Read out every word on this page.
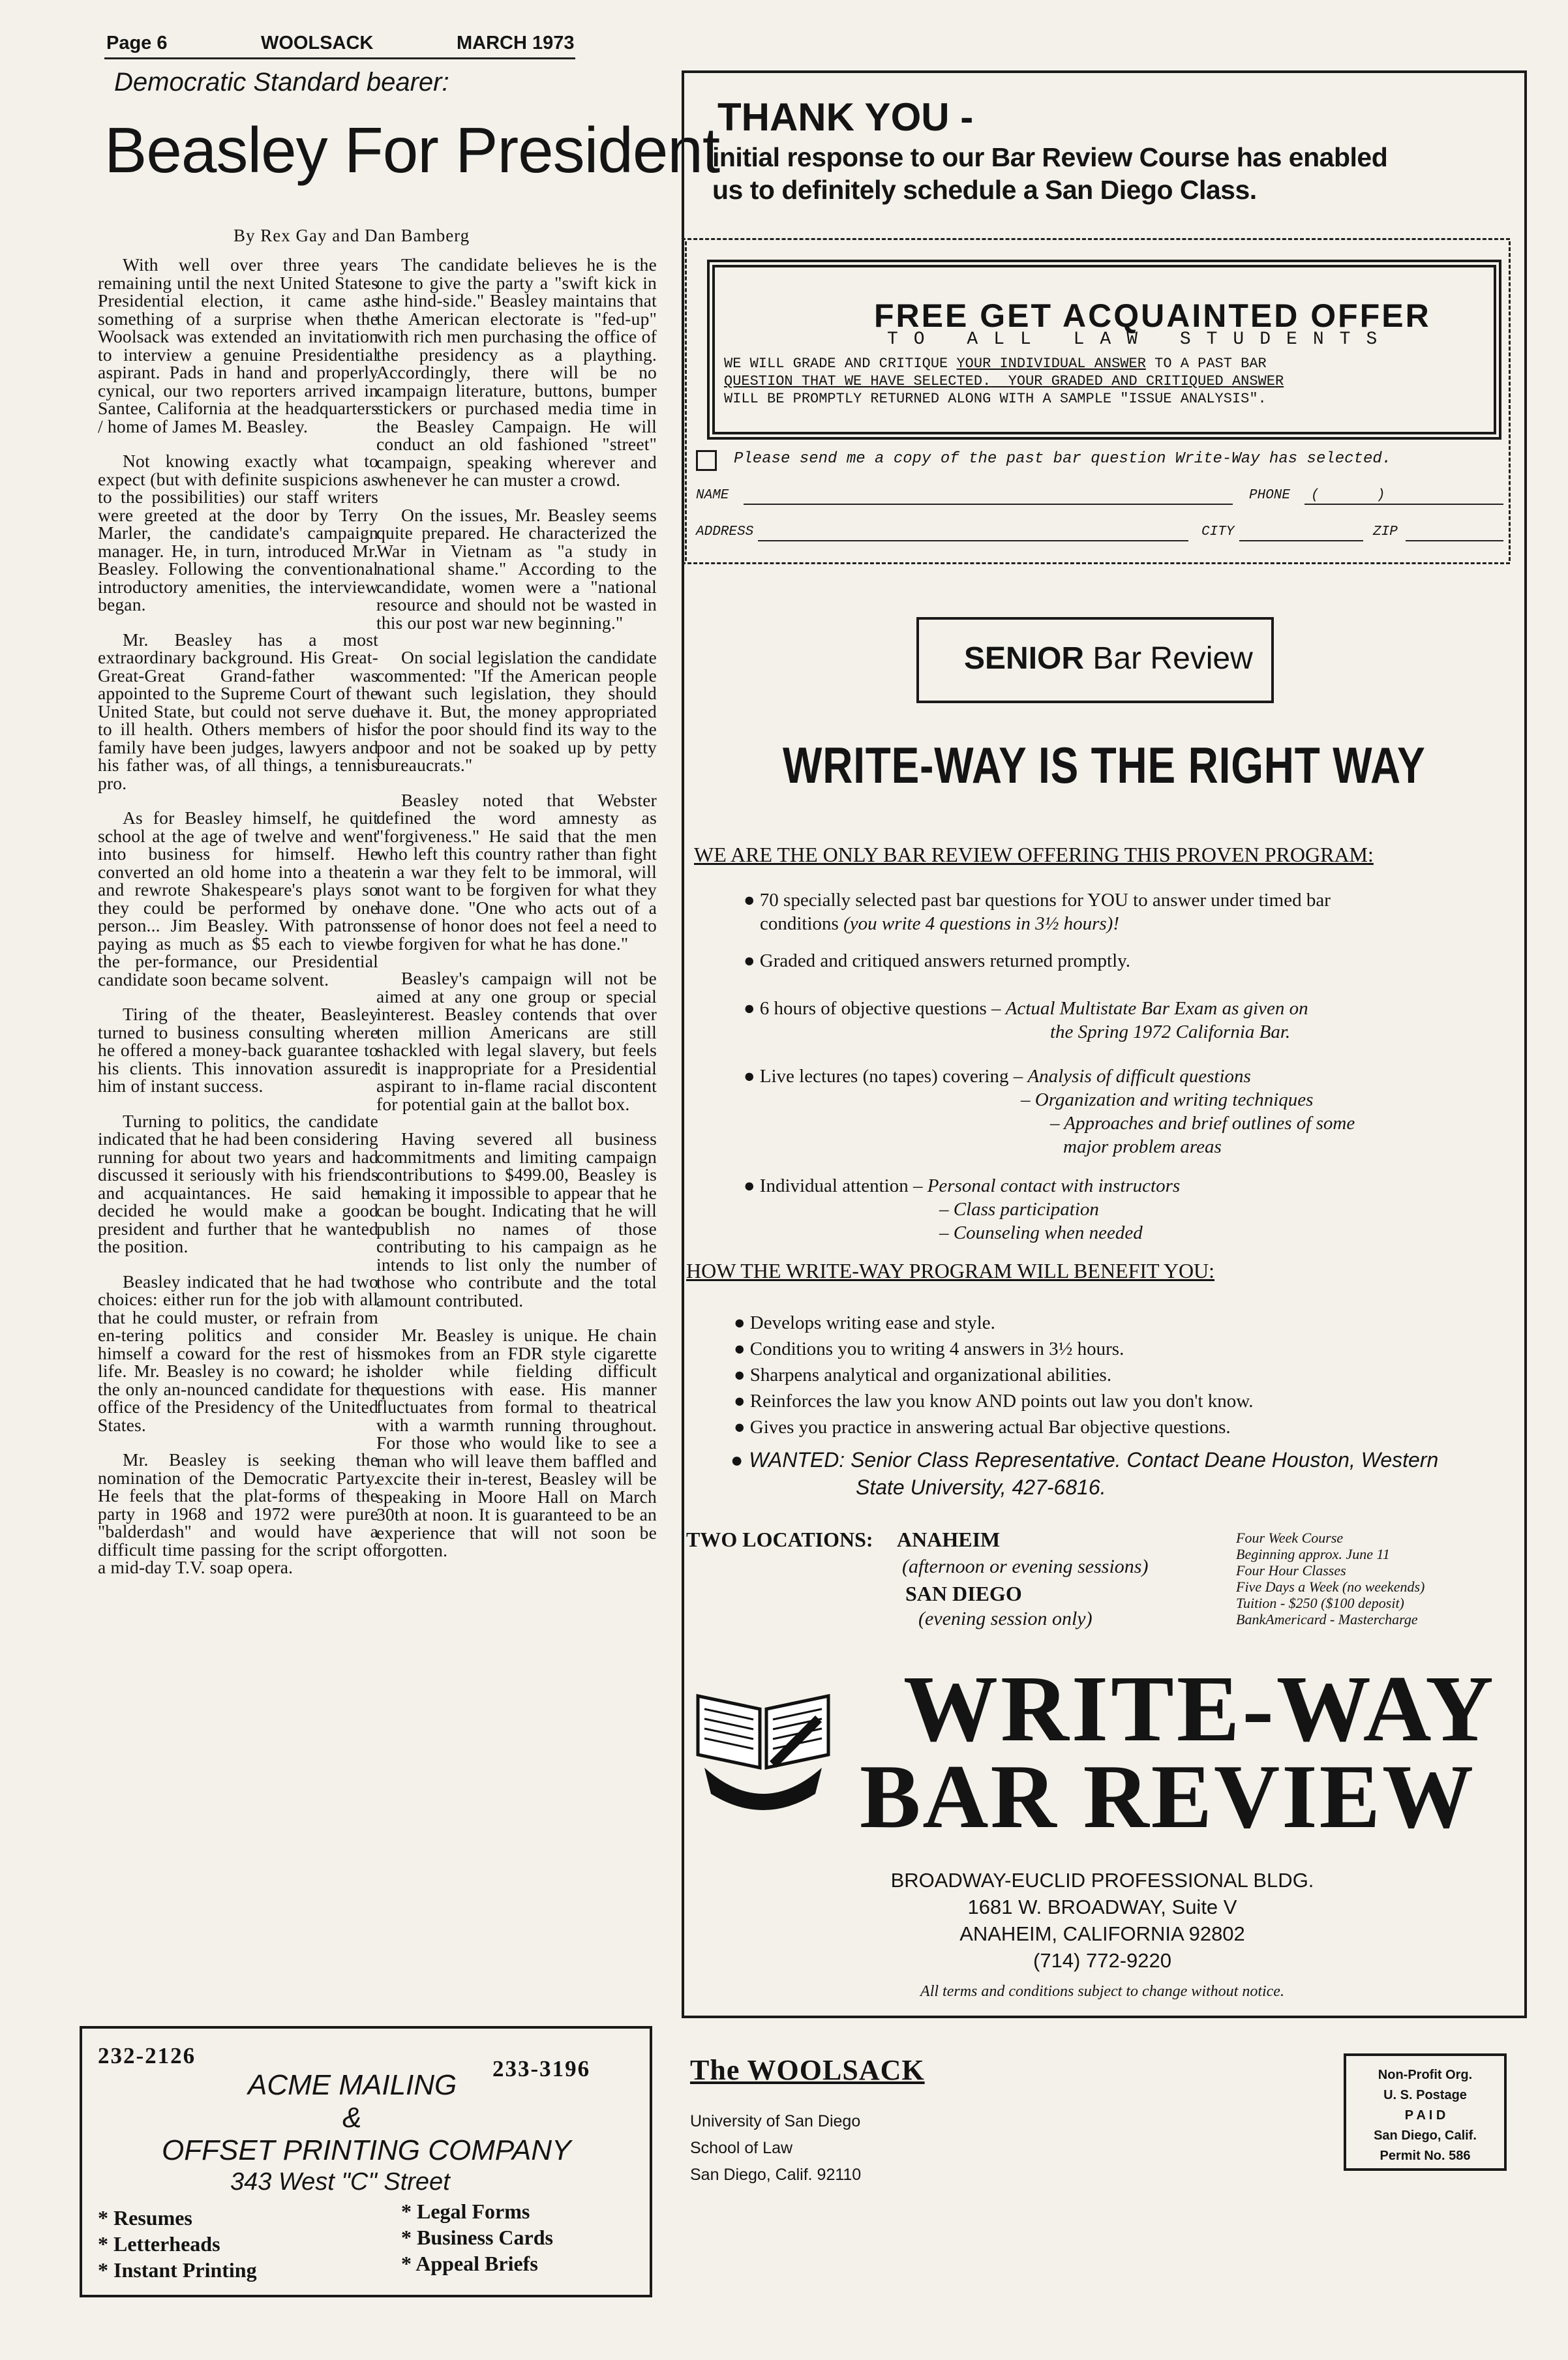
Page 6	WOOLSACK	MARCH 1973
Democratic Standard bearer:
Beasley For President
By Rex Gay and Dan Bamberg

With well over three years remaining until the next United States Presidential election, it came as something of a surprise when the Woolsack was extended an invitation to interview a genuine Presidential aspirant. Pads in hand and properly cynical, our two reporters arrived in Santee, California at the headquarters / home of James M. Beasley.

Not knowing exactly what to expect (but with definite suspicions as to the possibilities) our staff writers were greeted at the door by Terry Marler, the candidate's campaign manager. He, in turn, introduced Mr. Beasley. Following the conventional introductory amenities, the interview began.

Mr. Beasley has a most extraordinary background. His Great-Great-Great Grand-father was appointed to the Supreme Court of the United State, but could not serve due to ill health. Others members of his family have been judges, lawyers and his father was, of all things, a tennis pro.

As for Beasley himself, he quit school at the age of twelve and went into business for himself. He converted an old home into a theater and rewrote Shakespeare's plays so they could be performed by one person... Jim Beasley. With patrons paying as much as $5 each to view the per-formance, our Presidential candidate soon became solvent.

Tiring of the theater, Beasley turned to business consulting where he offered a money-back guarantee to his clients. This innovation assured him of instant success.

Turning to politics, the candidate indicated that he had been considering running for about two years and had discussed it seriously with his friends and acquaintances. He said he decided he would make a good president and further that he wanted the position.

Beasley indicated that he had two choices: either run for the job with all that he could muster, or refrain from en-tering politics and consider himself a coward for the rest of his life. Mr. Beasley is no coward; he is the only an-nounced candidate for the office of the Presidency of the United States.

Mr. Beasley is seeking the nomination of the Democratic Party. He feels that the plat-forms of the party in 1968 and 1972 were pure "balderdash" and would have a difficult time passing for the script of a mid-day T.V. soap opera.

The candidate believes he is the one to give the party a "swift kick in the hind-side." Beasley maintains that the American electorate is "fed-up" with rich men purchasing the office of the presidency as a plaything. Accordingly, there will be no campaign literature, buttons, bumper stickers or purchased media time in the Beasley Campaign. He will conduct an old fashioned "street" campaign, speaking wherever and whenever he can muster a crowd.

On the issues, Mr. Beasley seems quite prepared. He characterized the War in Vietnam as "a study in national shame." According to the candidate, women were a "national resource and should not be wasted in this our post war new beginning."

On social legislation the candidate commented: "If the American people want such legislation, they should have it. But, the money appropriated for the poor should find its way to the poor and not be soaked up by petty bureaucrats."

Beasley noted that Webster defined the word amnesty as "forgiveness." He said that the men who left this country rather than fight in a war they felt to be immoral, will not want to be forgiven for what they have done. "One who acts out of a sense of honor does not feel a need to be forgiven for what he has done."

Beasley's campaign will not be aimed at any one group or special interest. Beasley contends that over ten million Americans are still shackled with legal slavery, but feels it is inappropriate for a Presidential aspirant to in-flame racial discontent for potential gain at the ballot box.

Having severed all business commitments and limiting campaign contributions to $499.00, Beasley is making it impossible to appear that he can be bought. Indicating that he will publish no names of those contributing to his campaign as he intends to list only the number of those who contribute and the total amount contributed.

Mr. Beasley is unique. He chain smokes from an FDR style cigarette holder while fielding difficult questions with ease. His manner fluctuates from formal to theatrical with a warmth running throughout. For those who would like to see a man who will leave them baffled and excite their in-terest, Beasley will be speaking in Moore Hall on March 30th at noon. It is guaranteed to be an experience that will not soon be forgotten.

THANK YOU -
initial response to our Bar Review Course has enabled
us to definitely schedule a San Diego Class.
FREE GET ACQUAINTED OFFER
TO ALL LAW STUDENTS
WE WILL GRADE AND CRITIQUE YOUR INDIVIDUAL ANSWER TO A PAST BAR
QUESTION THAT WE HAVE SELECTED.  YOUR GRADED AND CRITIQUED ANSWER
WILL BE PROMPTLY RETURNED ALONG WITH A SAMPLE "ISSUE ANALYSIS".
Please send me a copy of the past bar question Write-Way has selected.
NAME	PHONE (       )
ADDRESS	CITY	ZIP
SENIOR Bar Review
WRITE-WAY IS THE RIGHT WAY
WE ARE THE ONLY BAR REVIEW OFFERING THIS PROVEN PROGRAM:
● 70 specially selected past bar questions for YOU to answer under timed bar
conditions (you write 4 questions in 3½ hours)!
● Graded and critiqued answers returned promptly.
● 6 hours of objective questions – Actual Multistate Bar Exam as given on
the Spring 1972 California Bar.
● Live lectures (no tapes) covering – Analysis of difficult questions
– Organization and writing techniques
– Approaches and brief outlines of some
major problem areas
● Individual attention – Personal contact with instructors
– Class participation
– Counseling when needed
HOW THE WRITE-WAY PROGRAM WILL BENEFIT YOU:
● Develops writing ease and style.
● Conditions you to writing 4 answers in 3½ hours.
● Sharpens analytical and organizational abilities.
● Reinforces the law you know AND points out law you don't know.
● Gives you practice in answering actual Bar objective questions.
● WANTED: Senior Class Representative. Contact Deane Houston, Western
State University, 427-6816.
TWO LOCATIONS: ANAHEIM
(afternoon or evening sessions)
SAN DIEGO
(evening session only)
Four Week Course
Beginning approx. June 11
Four Hour Classes
Five Days a Week (no weekends)
Tuition - $250 ($100 deposit)
BankAmericard - Mastercharge
WRITE-WAY
BAR REVIEW
BROADWAY-EUCLID PROFESSIONAL BLDG.
1681 W. BROADWAY, Suite V
ANAHEIM, CALIFORNIA 92802
(714) 772-9220
All terms and conditions subject to change without notice.
232-2126
233-3196
ACME MAILING
&
OFFSET PRINTING COMPANY
343 West "C" Street
* Resumes
* Letterheads
* Instant Printing
* Legal Forms
* Business Cards
* Appeal Briefs
The WOOLSACK
University of San Diego
School of Law
San Diego, Calif. 92110
Non-Profit Org.
U. S. Postage
P A I D
San Diego, Calif.
Permit No. 586
